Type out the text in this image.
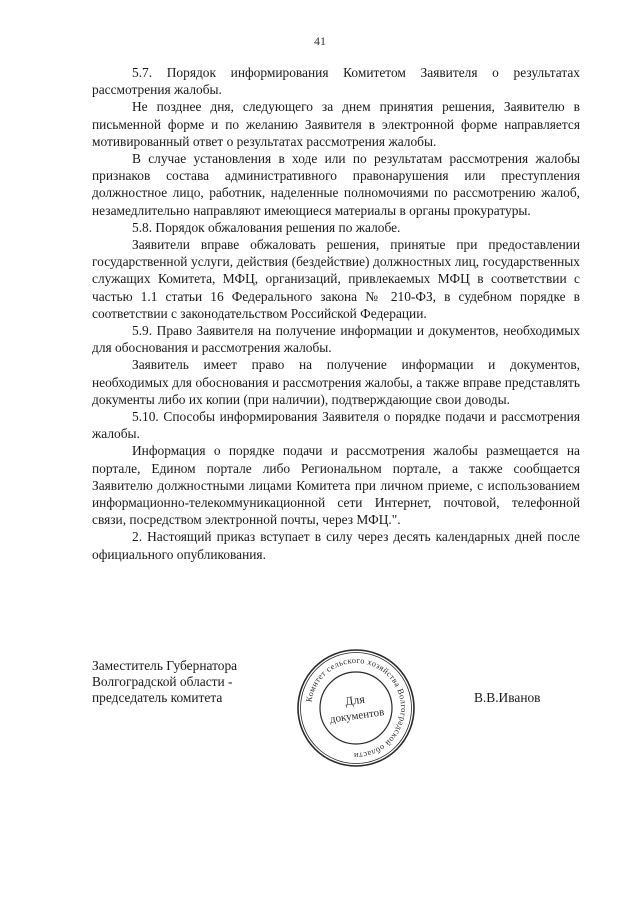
41

5.7. Порядок информирования Комитетом Заявителя о результатах рассмотрения жалобы.

Не позднее дня, следующего за днем принятия решения, Заявителю в письменной форме и по желанию Заявителя в электронной форме направляется мотивированный ответ о результатах рассмотрения жалобы.

В случае установления в ходе или по результатам рассмотрения жалобы признаков состава административного правонарушения или преступления должностное лицо, работник, наделенные полномочиями по рассмотрению жалоб, незамедлительно направляют имеющиеся материалы в органы прокуратуры.

5.8. Порядок обжалования решения по жалобе.

Заявители вправе обжаловать решения, принятые при предоставлении государственной услуги, действия (бездействие) должностных лиц, государственных служащих Комитета, МФЦ, организаций, привлекаемых МФЦ в соответствии с частью 1.1 статьи 16 Федерального закона № 210-ФЗ, в судебном порядке в соответствии с законодательством Российской Федерации.

5.9. Право Заявителя на получение информации и документов, необходимых для обоснования и рассмотрения жалобы.

Заявитель имеет право на получение информации и документов, необходимых для обоснования и рассмотрения жалобы, а также вправе представлять документы либо их копии (при наличии), подтверждающие свои доводы.

5.10. Способы информирования Заявителя о порядке подачи и рассмотрения жалобы.

Информация о порядке подачи и рассмотрения жалобы размещается на портале, Едином портале либо Региональном портале, а также сообщается Заявителю должностными лицами Комитета при личном приеме, с использованием информационно-телекоммуникационной сети Интернет, почтовой, телефонной связи, посредством электронной почты, через МФЦ.".

2. Настоящий приказ вступает в силу через десять календарных дней после официального опубликования.

Заместитель Губернатора
Волгоградской области -
председатель комитета	Комитет сельского хозяйства Волгоградской области
Для
документов
В.В.Иванов
